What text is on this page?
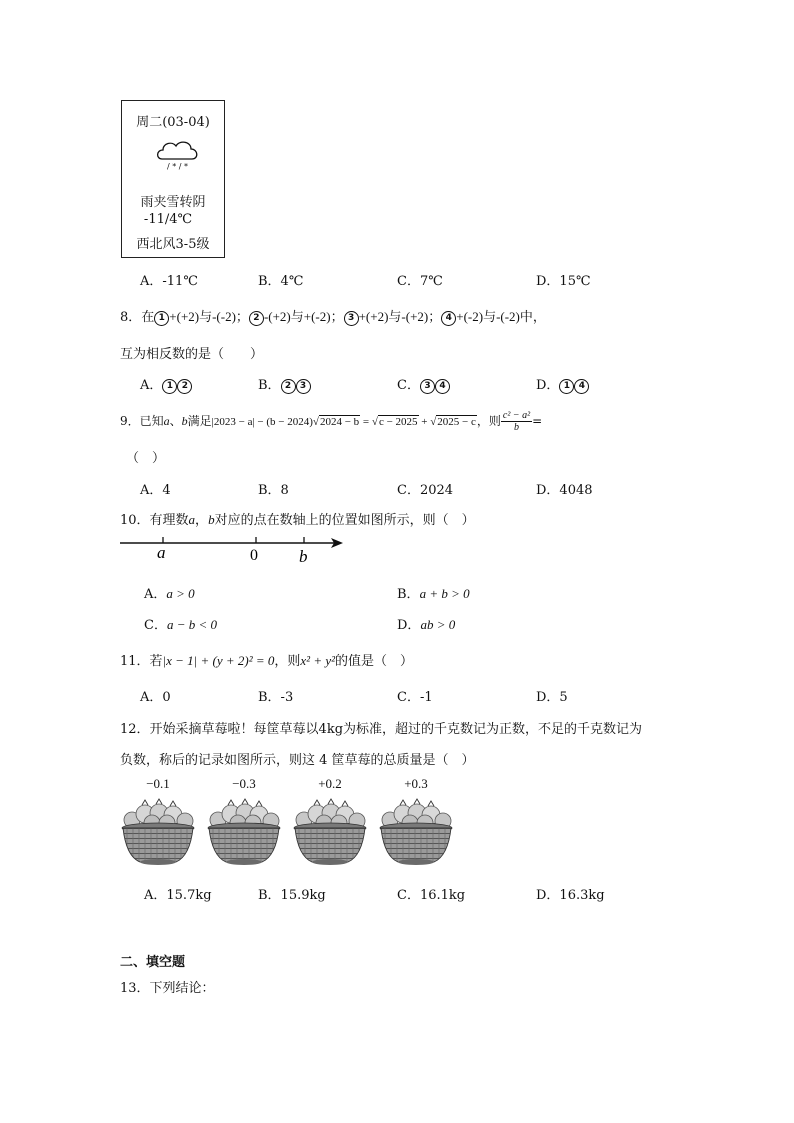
周二(03-04)
/ * / *
雨夹雪转阴
-11/4℃
西北风3-5级
A．-11℃	B．4℃	C．7℃	D．15℃
8．在 1 +(+2)与-(-2)； 2 -(+2)与+(-2)； 3 +(+2)与-(+2)； 4 +(-2)与-(-2)中，
互为相反数的是（　　）
A． 1 2	B． 2 3	C． 3 4	D． 1 4
9．已知a、b满足|2023 − a| − (b − 2024)√2024 − b = √c − 2025 + √2025 − c，则 $\frac{\text{c² − a²}}{b}$ =
（　）
A．4	B．8	C．2024	D．4048
10．有理数a，b对应的点在数轴上的位置如图所示，则（　）
a	0 b
A．a > 0	B．a + b > 0
C．a − b < 0	D．ab > 0
11．若|x − 1| + (y + 2)² = 0，则x² + y²的值是（　）
A．0	B．-3	C．-1	D．5
12．开始采摘草莓啦！每筐草莓以4kg为标准，超过的千克数记为正数，不足的千克数记为
负数，称后的记录如图所示，则这 4 筐草莓的总质量是（　）
−0.1	−0.3	+0.2	+0.3
A．15.7kg	B．15.9kg	C．16.1kg	D．16.3kg
二、填空题
13．下列结论：
